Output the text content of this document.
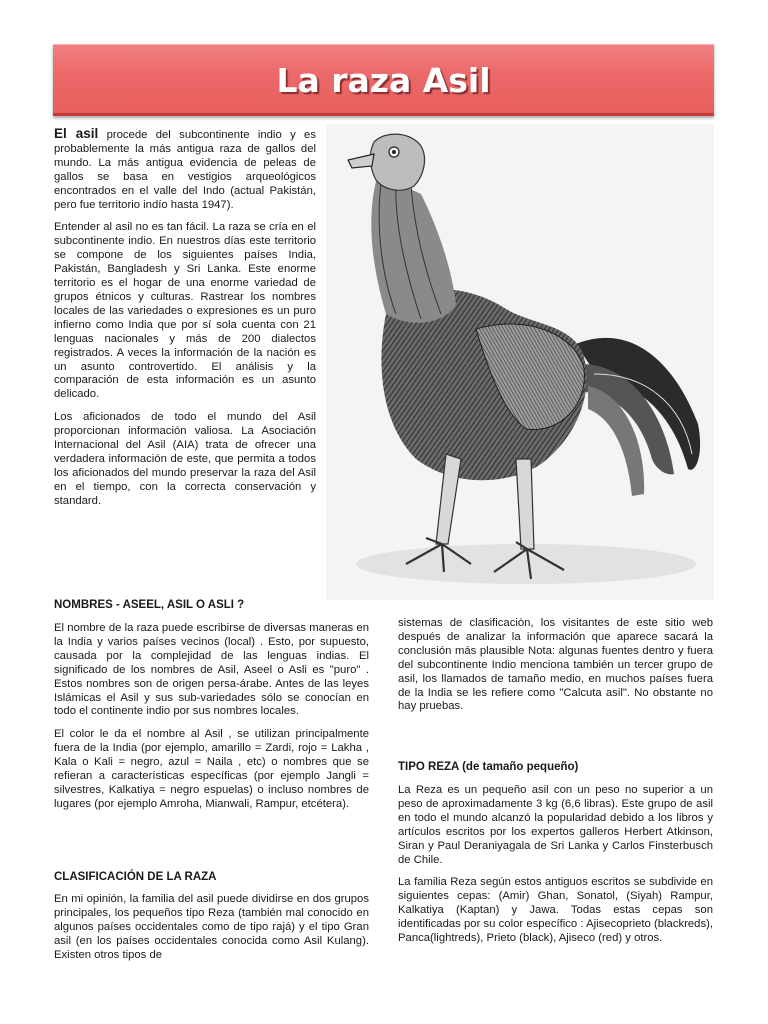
La raza Asil

El asil procede del subcontinente indio y es probablemente la más antigua raza de gallos del mundo. La más antigua evidencia de peleas de gallos se basa en vestigios arqueológicos encontrados en el valle del Indo (actual Pakistán, pero fue territorio indío hasta 1947).

Entender al asil no es tan fácil. La raza se cría en el subcontinente indio. En nuestros días este territorio se compone de los siguientes países India, Pakistán, Bangladesh y Sri Lanka. Este enorme territorio es el hogar de una enorme variedad de grupos étnicos y culturas. Rastrear los nombres locales de las variedades o expresiones es un puro infierno como India que por sí sola cuenta con 21 lenguas nacionales y más de 200 dialectos registrados. A veces la información de la nación es un asunto controvertido. El análisis y la comparación de esta información es un asunto delicado.

Los aficionados de todo el mundo del Asil proporcionan información valiosa. La Asociación Internacional del Asil (AIA) trata de ofrecer una verdadera información de este, que permita a todos los aficionados del mundo preservar la raza del Asil en el tiempo, con la correcta conservación y standard.

NOMBRES - ASEEL, ASIL O ASLI ?

El nombre de la raza puede escribirse de diversas maneras en la India y varios países vecinos (local) . Esto, por supuesto, causada por la complejidad de las lenguas indias. El significado de los nombres de Asil, Aseel o Asli es "puro" . Estos nombres son de origen persa-árabe. Antes de las leyes Islámicas el Asil y sus sub-variedades sólo se conocían en todo el continente indio por sus nombres locales.

El color le da el nombre al Asil , se utilizan principalmente fuera de la India (por ejemplo, amarillo = Zardi, rojo = Lakha , Kala o Kali = negro, azul = Naila , etc) o nombres que se refieran a características específicas (por ejemplo Jangli = silvestres, Kalkatiya = negro espuelas) o incluso nombres de lugares (por ejemplo Amroha, Mianwali, Rampur, etcétera).

CLASIFICACIÓN DE LA RAZA

En mi opinión, la familia del asil puede dividirse en dos grupos principales, los pequeños tipo Reza (también mal conocido en algunos países occidentales como de tipo rajá) y el tipo Gran asil (en los países occidentales conocida como Asil Kulang). Existen otros tipos de

sistemas de clasificaciòn, los visitantes de este sitio web después de analizar la información que aparece sacará la conclusión más plausible Nota: algunas fuentes dentro y fuera del subcontinente Indio menciona también un tercer grupo de asil, los llamados de tamaño medio, en muchos países fuera de la India se les refiere como "Calcuta asil". No obstante no hay pruebas.

TIPO REZA (de tamaño pequeño)

La Reza es un pequeño asil con un peso no superior a un peso de aproximadamente 3 kg (6,6 libras). Este grupo de asil en todo el mundo alcanzó la popularidad debido a los libros y artículos escritos por los expertos galleros Herbert Atkinson, Siran y Paul Deraniyagala de Sri Lanka y Carlos Finsterbusch de Chile.

La familia Reza según estos antiguos escritos se subdivide en siguientes cepas: (Amir) Ghan, Sonatol, (Siyah) Rampur, Kalkatiya (Kaptan) y Jawa. Todas estas cepas son identificadas por su color específico : Ajisecoprieto (blackreds), Panca(lightreds), Prieto (black), Ajiseco (red) y otros.
